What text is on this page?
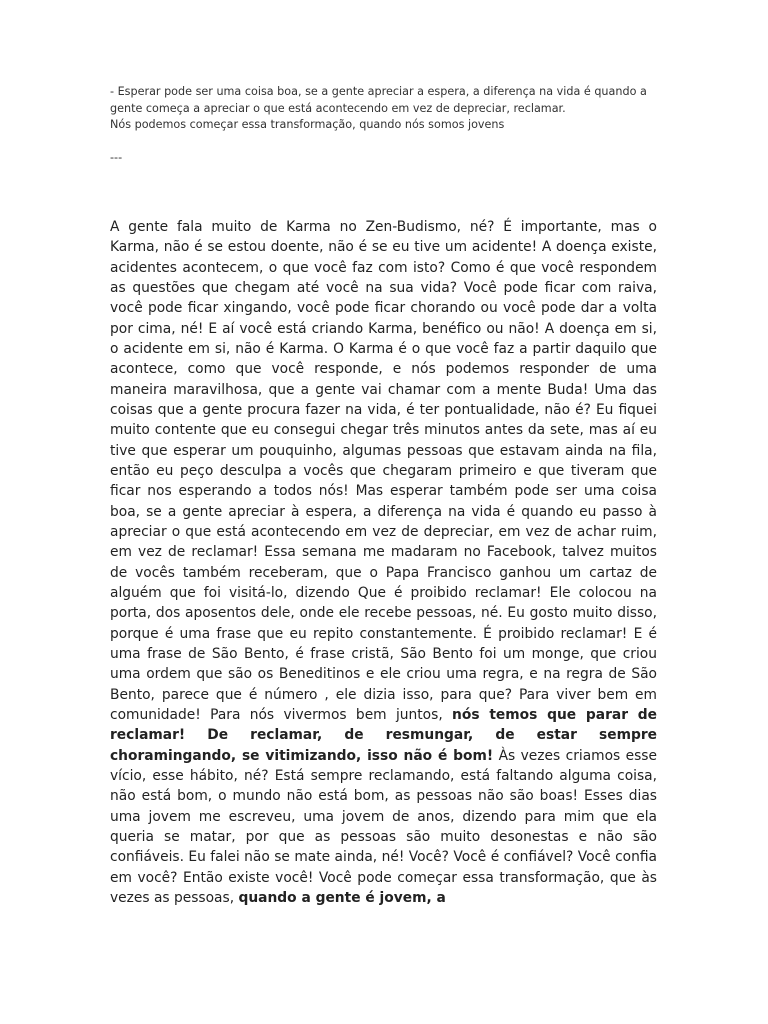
- Esperar pode ser uma coisa boa, se a gente apreciar a espera, a diferença na vida é quando a gente começa a apreciar o que está acontecendo em vez de depreciar, reclamar.

Nós podemos começar essa transformação, quando nós somos jovens

---

A gente fala muito de Karma no Zen-Budismo, né? É importante, mas o Karma, não é se estou doente, não é se eu tive um acidente! A doença existe, acidentes acontecem, o que você faz com isto? Como é que você respondem as questões que chegam até você na sua vida? Você pode ficar com raiva, você pode ficar xingando, você pode ficar chorando ou você pode dar a volta por cima, né! E aí você está criando Karma, benéfico ou não! A doença em si, o acidente em si, não é Karma. O Karma é o que você faz a partir daquilo que acontece, como que você responde, e nós podemos responder de uma maneira maravilhosa, que a gente vai chamar com a mente Buda! Uma das coisas que a gente procura fazer na vida, é ter pontualidade, não é? Eu fiquei muito contente que eu consegui chegar três minutos antes da sete, mas aí eu tive que esperar um pouquinho, algumas pessoas que estavam ainda na fila, então eu peço desculpa a vocês que chegaram primeiro e que tiveram que ficar nos esperando a todos nós! Mas esperar também pode ser uma coisa boa, se a gente apreciar à espera, a diferença na vida é quando eu passo à apreciar o que está acontecendo em vez de depreciar, em vez de achar ruim, em vez de reclamar! Essa semana me madaram no Facebook, talvez muitos de vocês também receberam, que o Papa Francisco ganhou um cartaz de alguém que foi visitá-lo, dizendo Que é proibido reclamar! Ele colocou na porta, dos aposentos dele, onde ele recebe pessoas, né. Eu gosto muito disso, porque é uma frase que eu repito constantemente. É proibido reclamar! E é uma frase de São Bento, é frase cristã, São Bento foi um monge, que criou uma ordem que são os Beneditinos e ele criou uma regra, e na regra de São Bento, parece que é número , ele dizia isso, para que? Para viver bem em comunidade! Para nós vivermos bem juntos, nós temos que parar de reclamar! De reclamar, de resmungar, de estar sempre choramingando, se vitimizando, isso não é bom! Às vezes criamos esse vício, esse hábito, né? Está sempre reclamando, está faltando alguma coisa, não está bom, o mundo não está bom, as pessoas não são boas! Esses dias uma jovem me escreveu, uma jovem de anos, dizendo para mim que ela queria se matar, por que as pessoas são muito desonestas e não são confiáveis. Eu falei não se mate ainda, né! Você? Você é confiável? Você confia em você? Então existe você! Você pode começar essa transformação, que às vezes as pessoas, quando a gente é jovem, a
